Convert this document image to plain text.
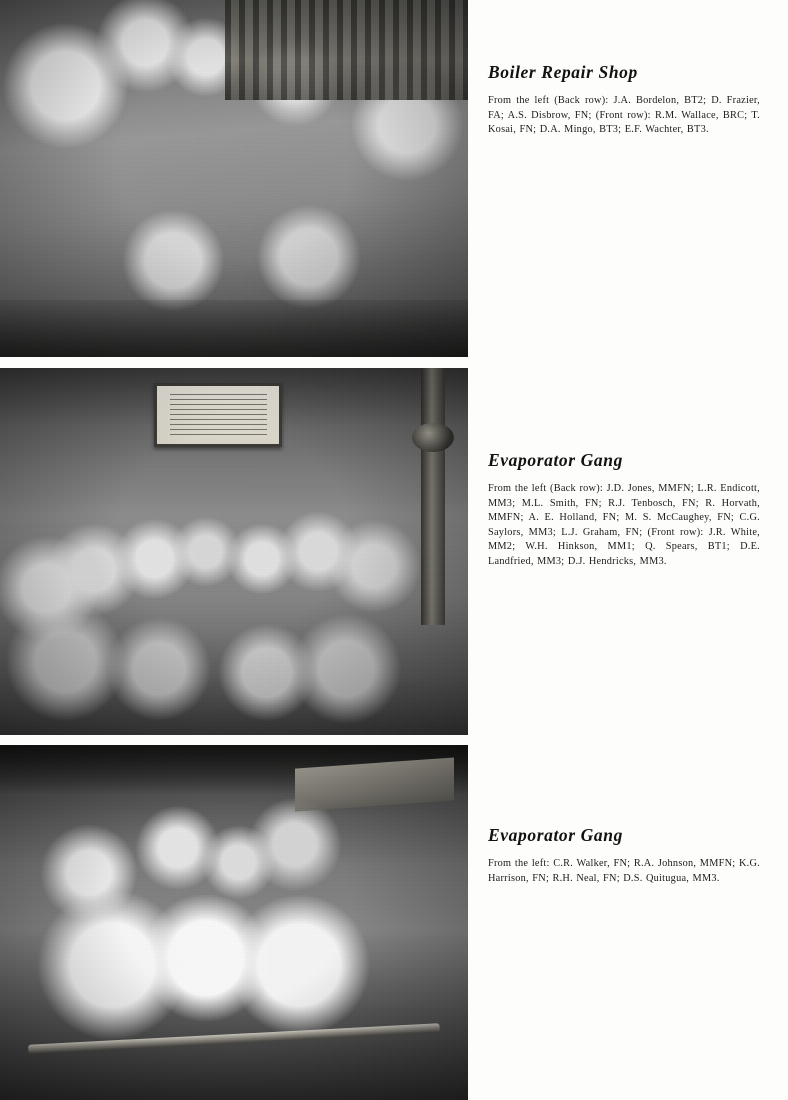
Boiler Repair Shop

From the left (Back row): J.A. Bordelon, BT2; D. Frazier, FA; A.S. Disbrow, FN; (Front row): R.M. Wallace, BRC; T. Kosai, FN; D.A. Mingo, BT3; E.F. Wachter, BT3.

Evaporator Gang

From the left (Back row): J.D. Jones, MMFN; L.R. Endicott, MM3; M.L. Smith, FN; R.J. Tenbosch, FN; R. Horvath, MMFN; A. E. Holland, FN; M. S. McCaughey, FN; C.G. Saylors, MM3; L.J. Graham, FN; (Front row): J.R. White, MM2; W.H. Hinkson, MM1; Q. Spears, BT1; D.E. Landfried, MM3; D.J. Hendricks, MM3.

Evaporator Gang

From the left: C.R. Walker, FN; R.A. Johnson, MMFN; K.G. Harrison, FN; R.H. Neal, FN; D.S. Quitugua, MM3.
